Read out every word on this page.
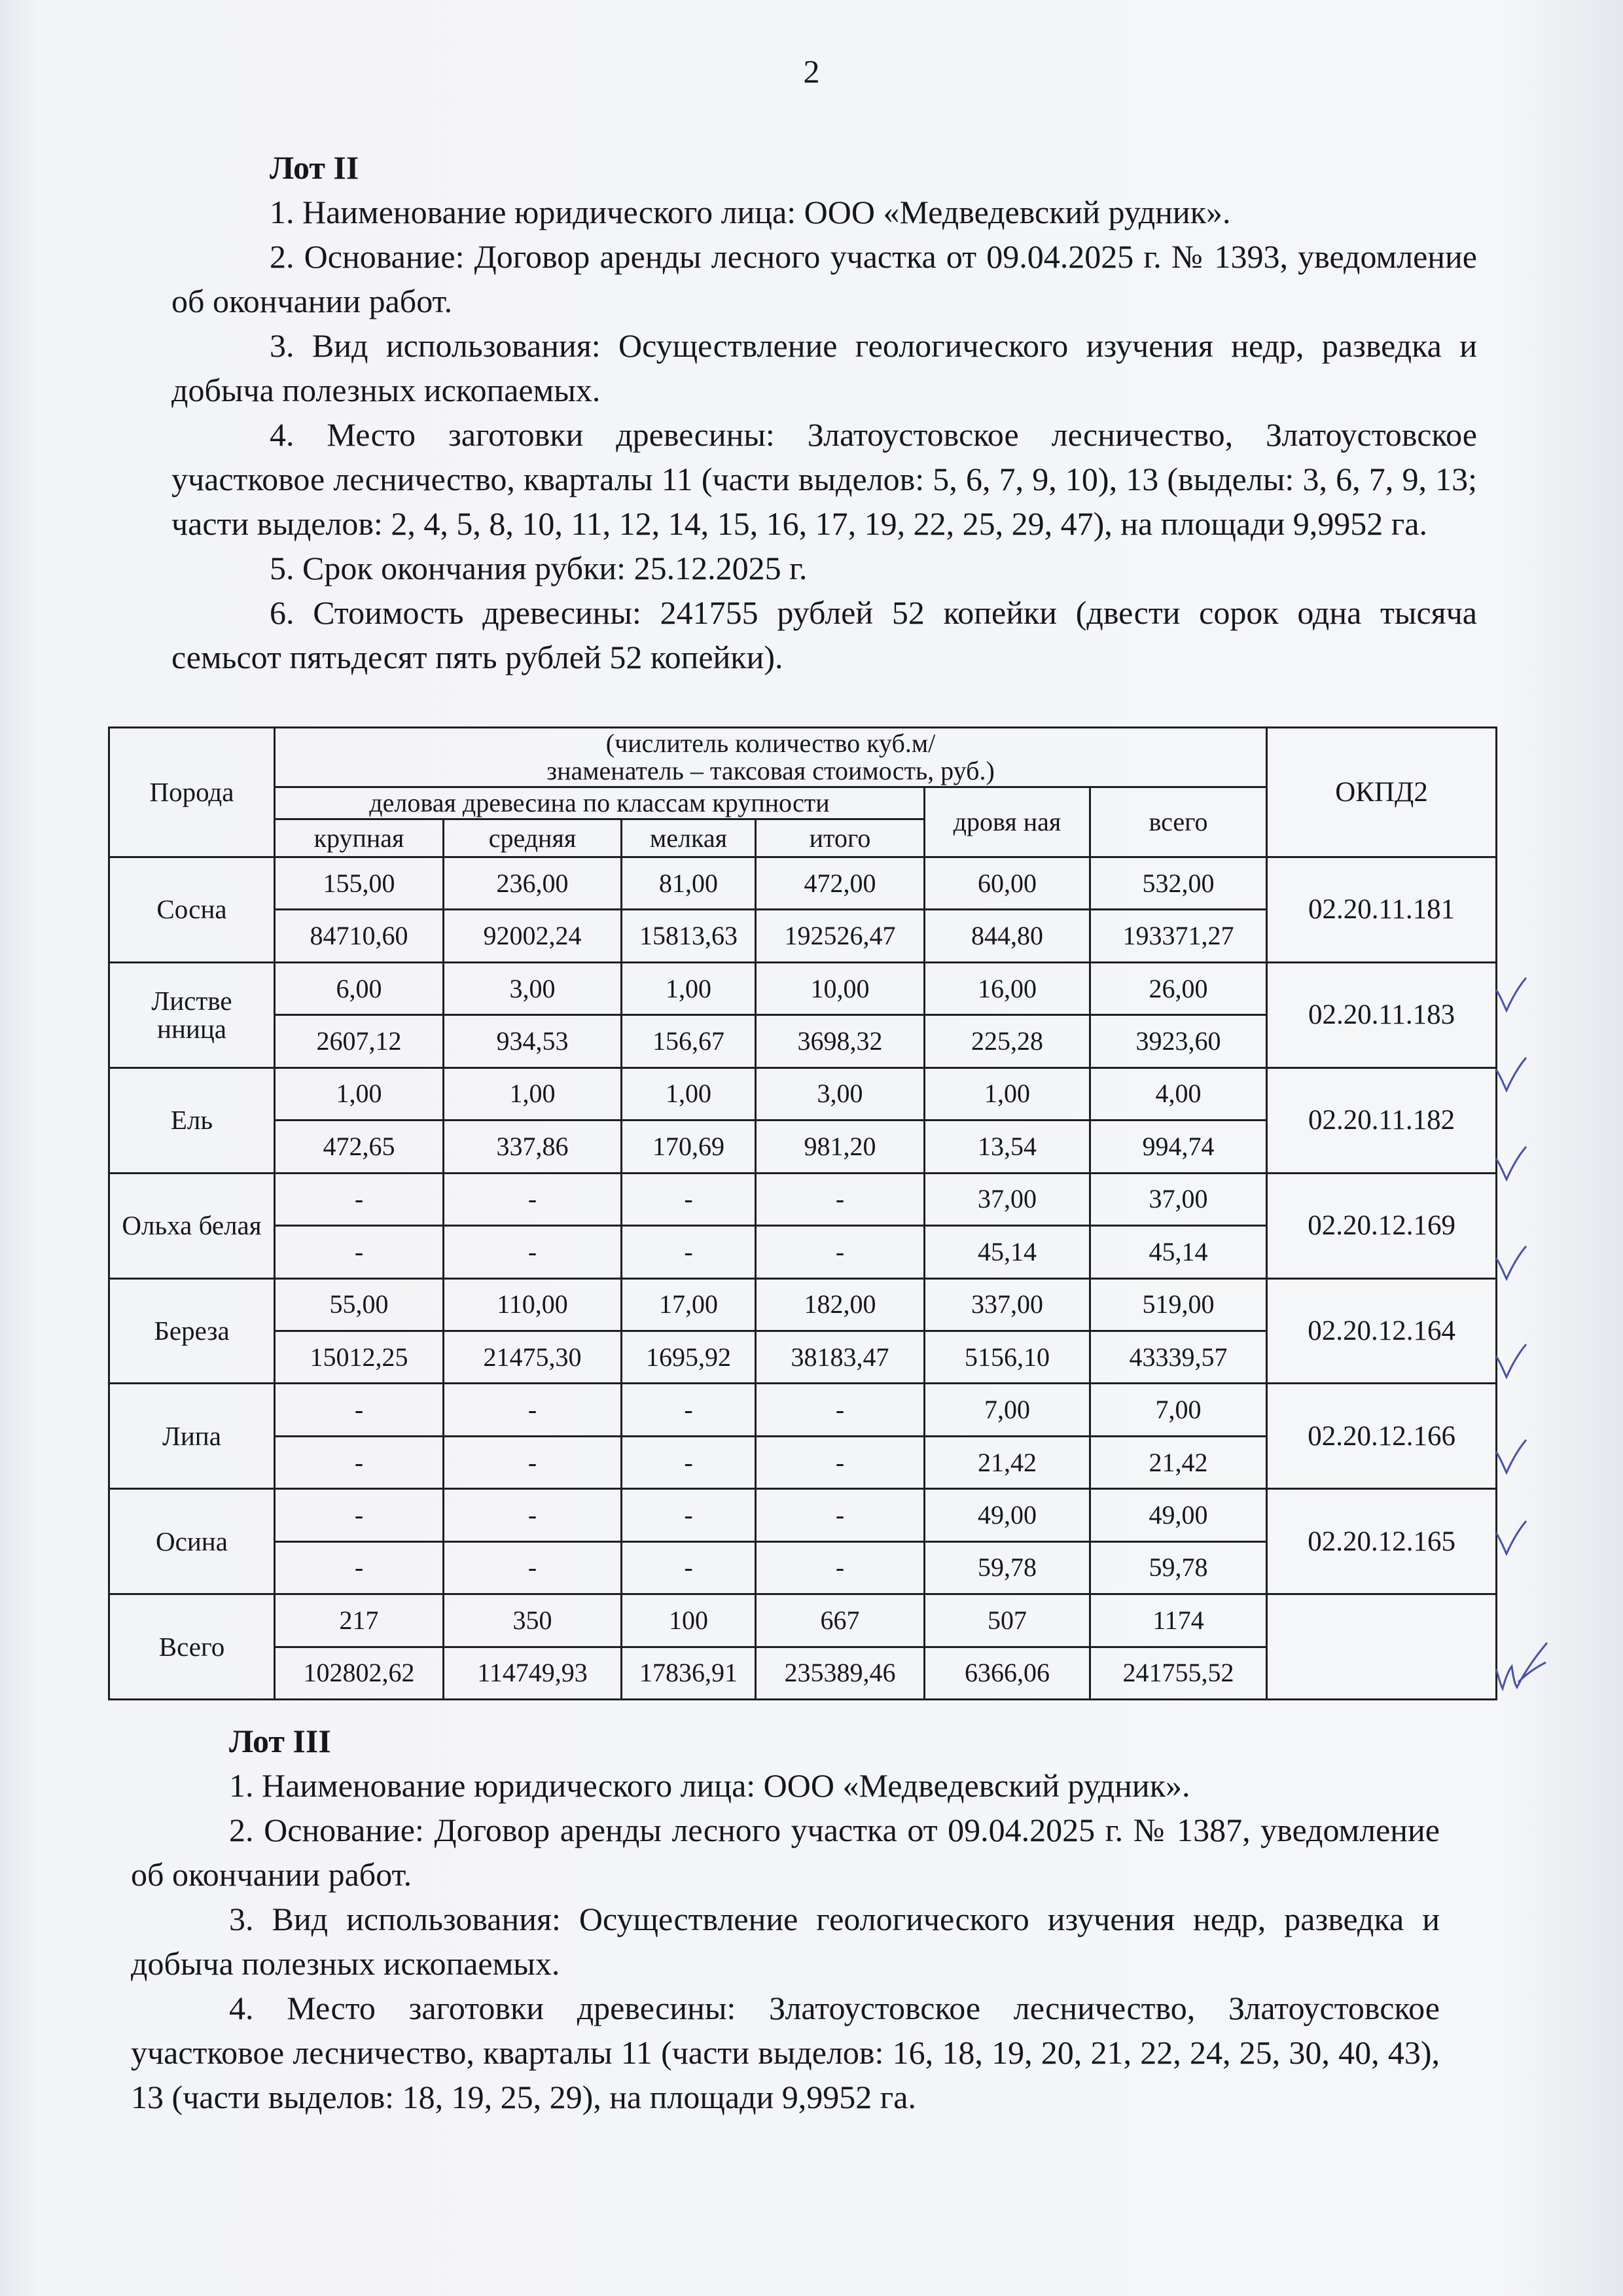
2
Лот II

1. Наименование юридического лица: ООО «Медведевский рудник».

2. Основание: Договор аренды лесного участка от 09.04.2025 г. № 1393, уведомление об окончании работ.

3. Вид использования: Осуществление геологического изучения недр, разведка и добыча полезных ископаемых.

4. Место заготовки древесины: Златоустовское лесничество, Златоустовское участковое лесничество, кварталы 11 (части выделов: 5, 6, 7, 9, 10), 13 (выделы: 3, 6, 7, 9, 13; части выделов: 2, 4, 5, 8, 10, 11, 12, 14, 15, 16, 17, 19, 22, 25, 29, 47), на площади 9,9952 га.

5. Срок окончания рубки: 25.12.2025 г.

6. Стоимость древесины: 241755 рублей 52 копейки (двести сорок одна тысяча семьсот пятьдесят пять рублей 52 копейки).

Порода	(числитель количество куб.м/
знаменатель – таксовая стоимость, руб.)						ОКПД2
	деловая древесина по классам крупности				дровя ная	всего	
	крупная	средняя	мелкая	итого			
Сосна	155,00	236,00	81,00	472,00	60,00	532,00	02.20.11.181
	84710,60	92002,24	15813,63	192526,47	844,80	193371,27	
Листве нница	6,00	3,00	1,00	10,00	16,00	26,00	02.20.11.183
	2607,12	934,53	156,67	3698,32	225,28	3923,60	
Ель	1,00	1,00	1,00	3,00	1,00	4,00	02.20.11.182
	472,65	337,86	170,69	981,20	13,54	994,74	
Ольха белая	-	-	-	-	37,00	37,00	02.20.12.169
	-	-	-	-	45,14	45,14	
Береза	55,00	110,00	17,00	182,00	337,00	519,00	02.20.12.164
	15012,25	21475,30	1695,92	38183,47	5156,10	43339,57	
Липа	-	-	-	-	7,00	7,00	02.20.12.166
	-	-	-	-	21,42	21,42	
Осина	-	-	-	-	49,00	49,00	02.20.12.165
	-	-	-	-	59,78	59,78	
Всего	217	350	100	667	507	1174	
	102802,62	114749,93	17836,91	235389,46	6366,06	241755,52	
Лот III

1. Наименование юридического лица: ООО «Медведевский рудник».

2. Основание: Договор аренды лесного участка от 09.04.2025 г. № 1387, уведомление об окончании работ.

3. Вид использования: Осуществление геологического изучения недр, разведка и добыча полезных ископаемых.

4. Место заготовки древесины: Златоустовское лесничество, Златоустовское участковое лесничество, кварталы 11 (части выделов: 16, 18, 19, 20, 21, 22, 24, 25, 30, 40, 43), 13 (части выделов: 18, 19, 25, 29), на площади 9,9952 га.
